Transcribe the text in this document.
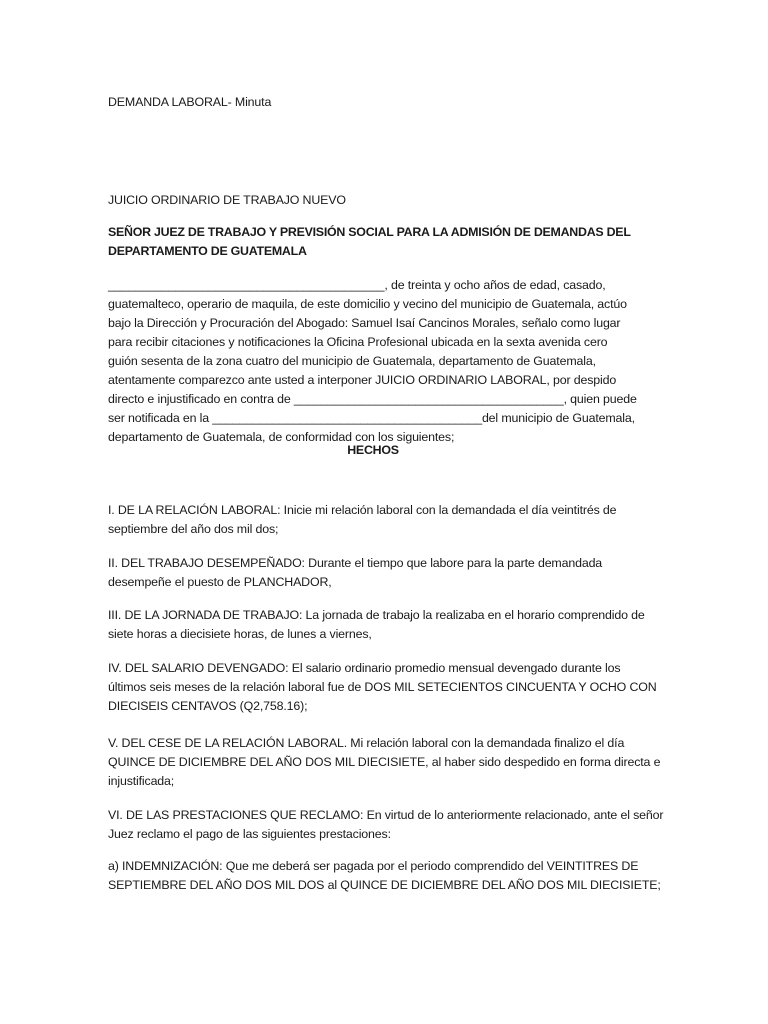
DEMANDA LABORAL- Minuta
JUICIO ORDINARIO DE TRABAJO NUEVO
SEÑOR JUEZ DE TRABAJO Y PREVISIÓN SOCIAL PARA LA ADMISIÓN DE DEMANDAS DEL
DEPARTAMENTO DE GUATEMALA
_________________________________________, de treinta y ocho años de edad, casado,
guatemalteco, operario de maquila, de este domicilio y vecino del municipio de Guatemala, actúo
bajo la Dirección y Procuración del Abogado: Samuel Isaí Cancinos Morales, señalo como lugar
para recibir citaciones y notificaciones la Oficina Profesional ubicada en la sexta avenida cero
guión sesenta de la zona cuatro del municipio de Guatemala, departamento de Guatemala,
atentamente comparezco ante usted a interponer JUICIO ORDINARIO LABORAL, por despido
directo e injustificado en contra de ________________________________________, quien puede
ser notificada en la ________________________________________del municipio de Guatemala,
departamento de Guatemala, de conformidad con los siguientes;
HECHOS
I. DE LA RELACIÓN LABORAL: Inicie mi relación laboral con la demandada el día veintitrés de
septiembre del año dos mil dos;
II. DEL TRABAJO DESEMPEÑADO: Durante el tiempo que labore para la parte demandada
desempeñe el puesto de PLANCHADOR,
III. DE LA JORNADA DE TRABAJO: La jornada de trabajo la realizaba en el horario comprendido de
siete horas a diecisiete horas, de lunes a viernes,
IV. DEL SALARIO DEVENGADO: El salario ordinario promedio mensual devengado durante los
últimos seis meses de la relación laboral fue de DOS MIL SETECIENTOS CINCUENTA Y OCHO CON
DIECISEIS CENTAVOS (Q2,758.16);
V. DEL CESE DE LA RELACIÓN LABORAL. Mi relación laboral con la demandada finalizo el día
QUINCE DE DICIEMBRE DEL AÑO DOS MIL DIECISIETE, al haber sido despedido en forma directa e
injustificada;
VI. DE LAS PRESTACIONES QUE RECLAMO: En virtud de lo anteriormente relacionado, ante el señor
Juez reclamo el pago de las siguientes prestaciones:
a) INDEMNIZACIÓN: Que me deberá ser pagada por el periodo comprendido del VEINTITRES DE
SEPTIEMBRE DEL AÑO DOS MIL DOS al QUINCE DE DICIEMBRE DEL AÑO DOS MIL DIECISIETE;
